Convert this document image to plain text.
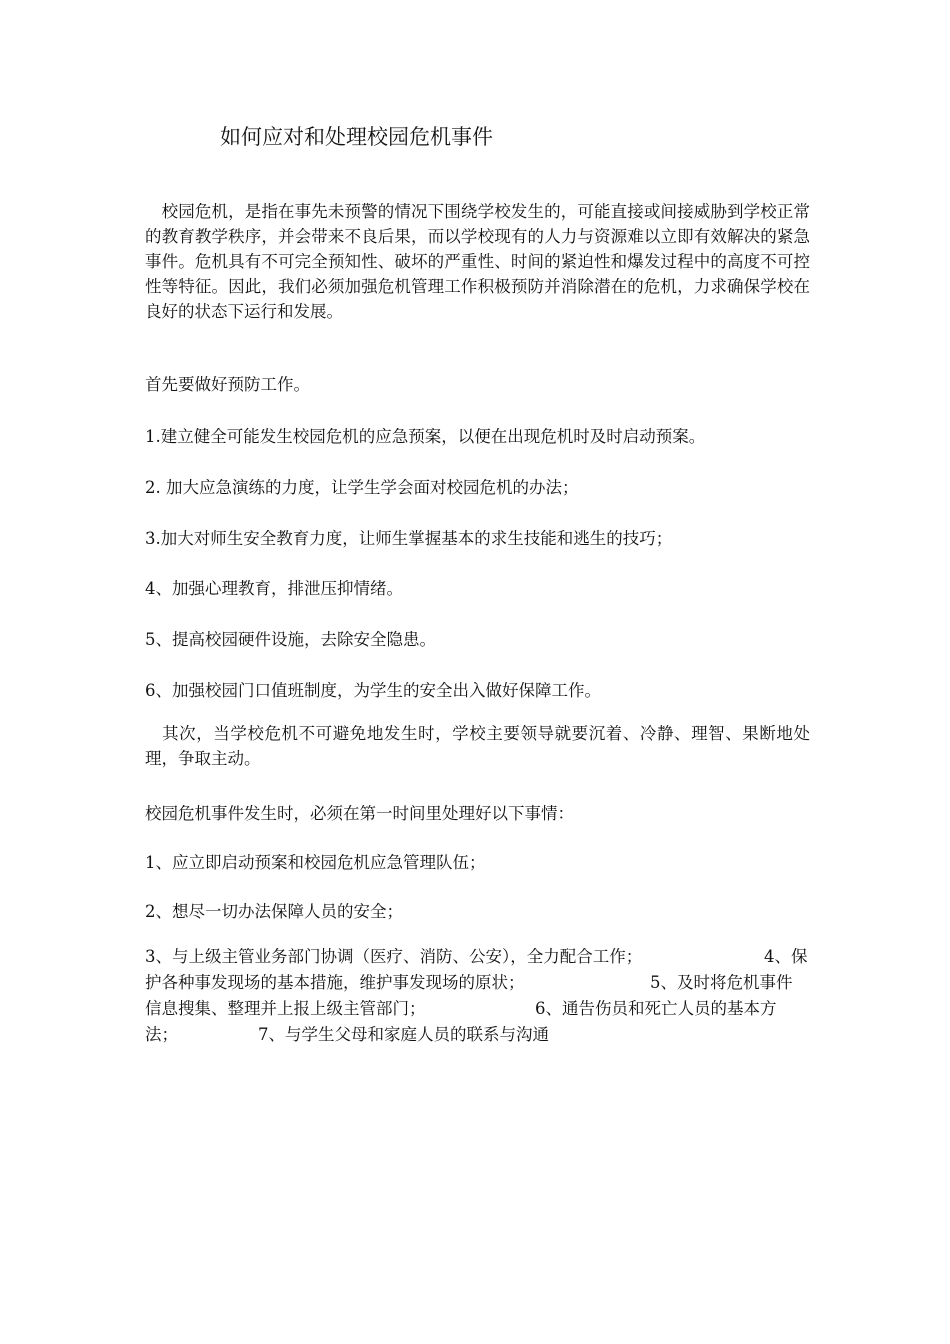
如何应对和处理校园危机事件
　校园危机，是指在事先未预警的情况下围绕学校发生的，可能直接或间接威胁到学校正常的教育教学秩序，并会带来不良后果，而以学校现有的人力与资源难以立即有效解决的紧急事件。危机具有不可完全预知性、破坏的严重性、时间的紧迫性和爆发过程中的高度不可控性等特征。因此，我们必须加强危机管理工作积极预防并消除潜在的危机，力求确保学校在良好的状态下运行和发展。
首先要做好预防工作。
1.建立健全可能发生校园危机的应急预案，以便在出现危机时及时启动预案。
2. 加大应急演练的力度，让学生学会面对校园危机的办法；
3.加大对师生安全教育力度，让师生掌握基本的求生技能和逃生的技巧；
4、加强心理教育，排泄压抑情绪。
5、提高校园硬件设施，去除安全隐患。
6、加强校园门口值班制度，为学生的安全出入做好保障工作。
　其次，当学校危机不可避免地发生时，学校主要领导就要沉着、冷静、理智、果断地处理，争取主动。
校园危机事件发生时，必须在第一时间里处理好以下事情：
1、应立即启动预案和校园危机应急管理队伍；
2、想尽一切办法保障人员的安全；
3、与上级主管业务部门协调（医疗、消防、公安），全力配合工作；	4、保
护各种事发现场的基本措施，维护事发现场的原状；	5、及时将危机事件
信息搜集、整理并上报上级主管部门；	6、通告伤员和死亡人员的基本方
法；	7、与学生父母和家庭人员的联系与沟通
